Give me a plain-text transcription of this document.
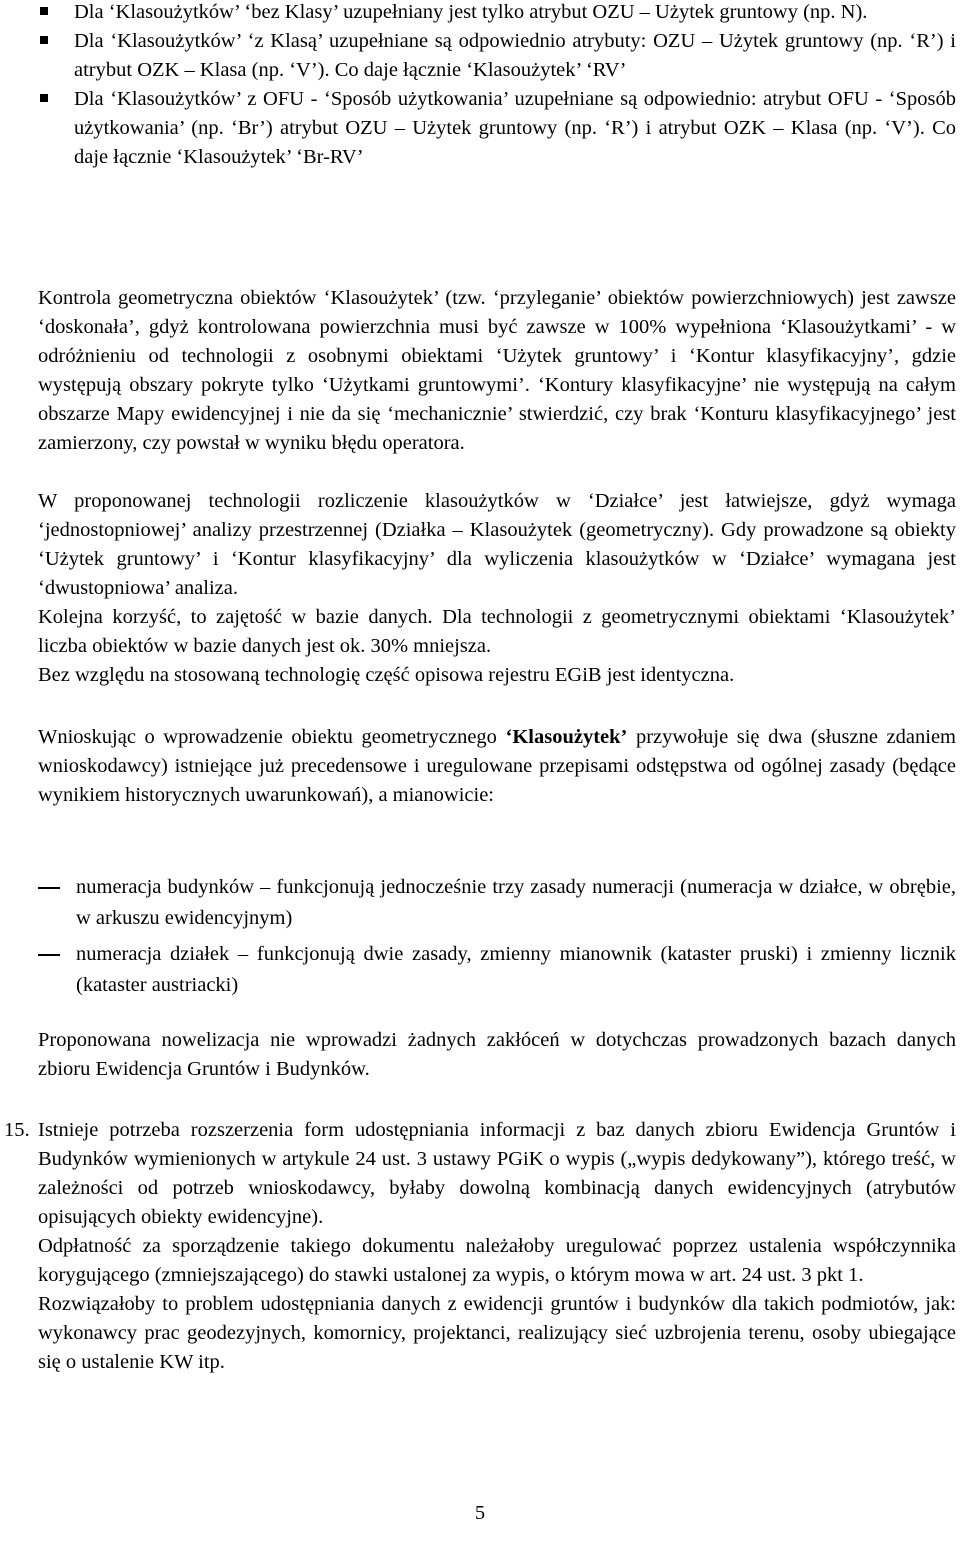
Dla ‘Klasoużytków’ ‘bez Klasy’ uzupełniany jest tylko atrybut OZU ‒ Użytek gruntowy (np. N).
Dla ‘Klasoużytków’ ‘z Klasą’ uzupełniane są odpowiednio atrybuty: OZU ‒ Użytek gruntowy (np. ‘R’) i atrybut OZK ‒ Klasa (np. ‘V’). Co daje łącznie ‘Klasoużytek’ ‘RV’
Dla ‘Klasoużytków’ z OFU - ‘Sposób użytkowania’ uzupełniane są odpowiednio: atrybut OFU - ‘Sposób użytkowania’ (np. ‘Br’) atrybut OZU ‒ Użytek gruntowy (np. ‘R’) i atrybut OZK ‒ Klasa (np. ‘V’). Co daje łącznie ‘Klasoużytek’ ‘Br-RV’

Kontrola geometryczna obiektów ‘Klasoużytek’ (tzw. ‘przyleganie’ obiektów powierzchniowych) jest zawsze ‘doskonała’, gdyż kontrolowana powierzchnia musi być zawsze w 100% wypełniona ‘Klasoużytkami’ - w odróżnieniu od technologii z osobnymi obiektami ‘Użytek gruntowy’ i ‘Kontur klasyfikacyjny’, gdzie występują obszary pokryte tylko ‘Użytkami gruntowymi’. ‘Kontury klasyfikacyjne’ nie występują na całym obszarze Mapy ewidencyjnej i nie da się ‘mechanicznie’ stwierdzić, czy brak ‘Konturu klasyfikacyjnego’ jest zamierzony, czy powstał w wyniku błędu operatora.

W proponowanej technologii rozliczenie klasoużytków w ‘Działce’ jest łatwiejsze, gdyż wymaga ‘jednostopniowej’ analizy przestrzennej (Działka ‒ Klasoużytek (geometryczny). Gdy prowadzone są obiekty ‘Użytek gruntowy’ i ‘Kontur klasyfikacyjny’ dla wyliczenia klasoużytków w ‘Działce’ wymagana jest ‘dwustopniowa’ analiza.

Kolejna korzyść, to zajętość w bazie danych. Dla technologii z geometrycznymi obiektami ‘Klasoużytek’ liczba obiektów w bazie danych jest ok. 30% mniejsza.

Bez względu na stosowaną technologię część opisowa rejestru EGiB jest identyczna.

Wnioskując o wprowadzenie obiektu geometrycznego ‘Klasoużytek’ przywołuje się dwa (słuszne zdaniem wnioskodawcy) istniejące już precedensowe i uregulowane przepisami odstępstwa od ogólnej zasady (będące wynikiem historycznych uwarunkowań), a mianowicie:

numeracja budynków ‒ funkcjonują jednocześnie trzy zasady numeracji (numeracja w działce, w obrębie, w arkuszu ewidencyjnym)
numeracja działek ‒ funkcjonują dwie zasady, zmienny mianownik (kataster pruski) i zmienny licznik (kataster austriacki)

Proponowana nowelizacja nie wprowadzi żadnych zakłóceń w dotychczas prowadzonych bazach danych zbioru Ewidencja Gruntów i Budynków.

15. Istnieje potrzeba rozszerzenia form udostępniania informacji z baz danych zbioru Ewidencja Gruntów i Budynków wymienionych w artykule 24 ust. 3 ustawy PGiK o wypis („wypis dedykowany”), którego treść, w zależności od potrzeb wnioskodawcy, byłaby dowolną kombinacją danych ewidencyjnych (atrybutów opisujących obiekty ewidencyjne).

Odpłatność za sporządzenie takiego dokumentu należałoby uregulować poprzez ustalenia współczynnika korygującego (zmniejszającego) do stawki ustalonej za wypis, o którym mowa w art. 24 ust. 3 pkt 1.

Rozwiązałoby to problem udostępniania danych z ewidencji gruntów i budynków dla takich podmiotów, jak: wykonawcy prac geodezyjnych, komornicy, projektanci, realizujący sieć uzbrojenia terenu, osoby ubiegające się o ustalenie KW itp.

5
